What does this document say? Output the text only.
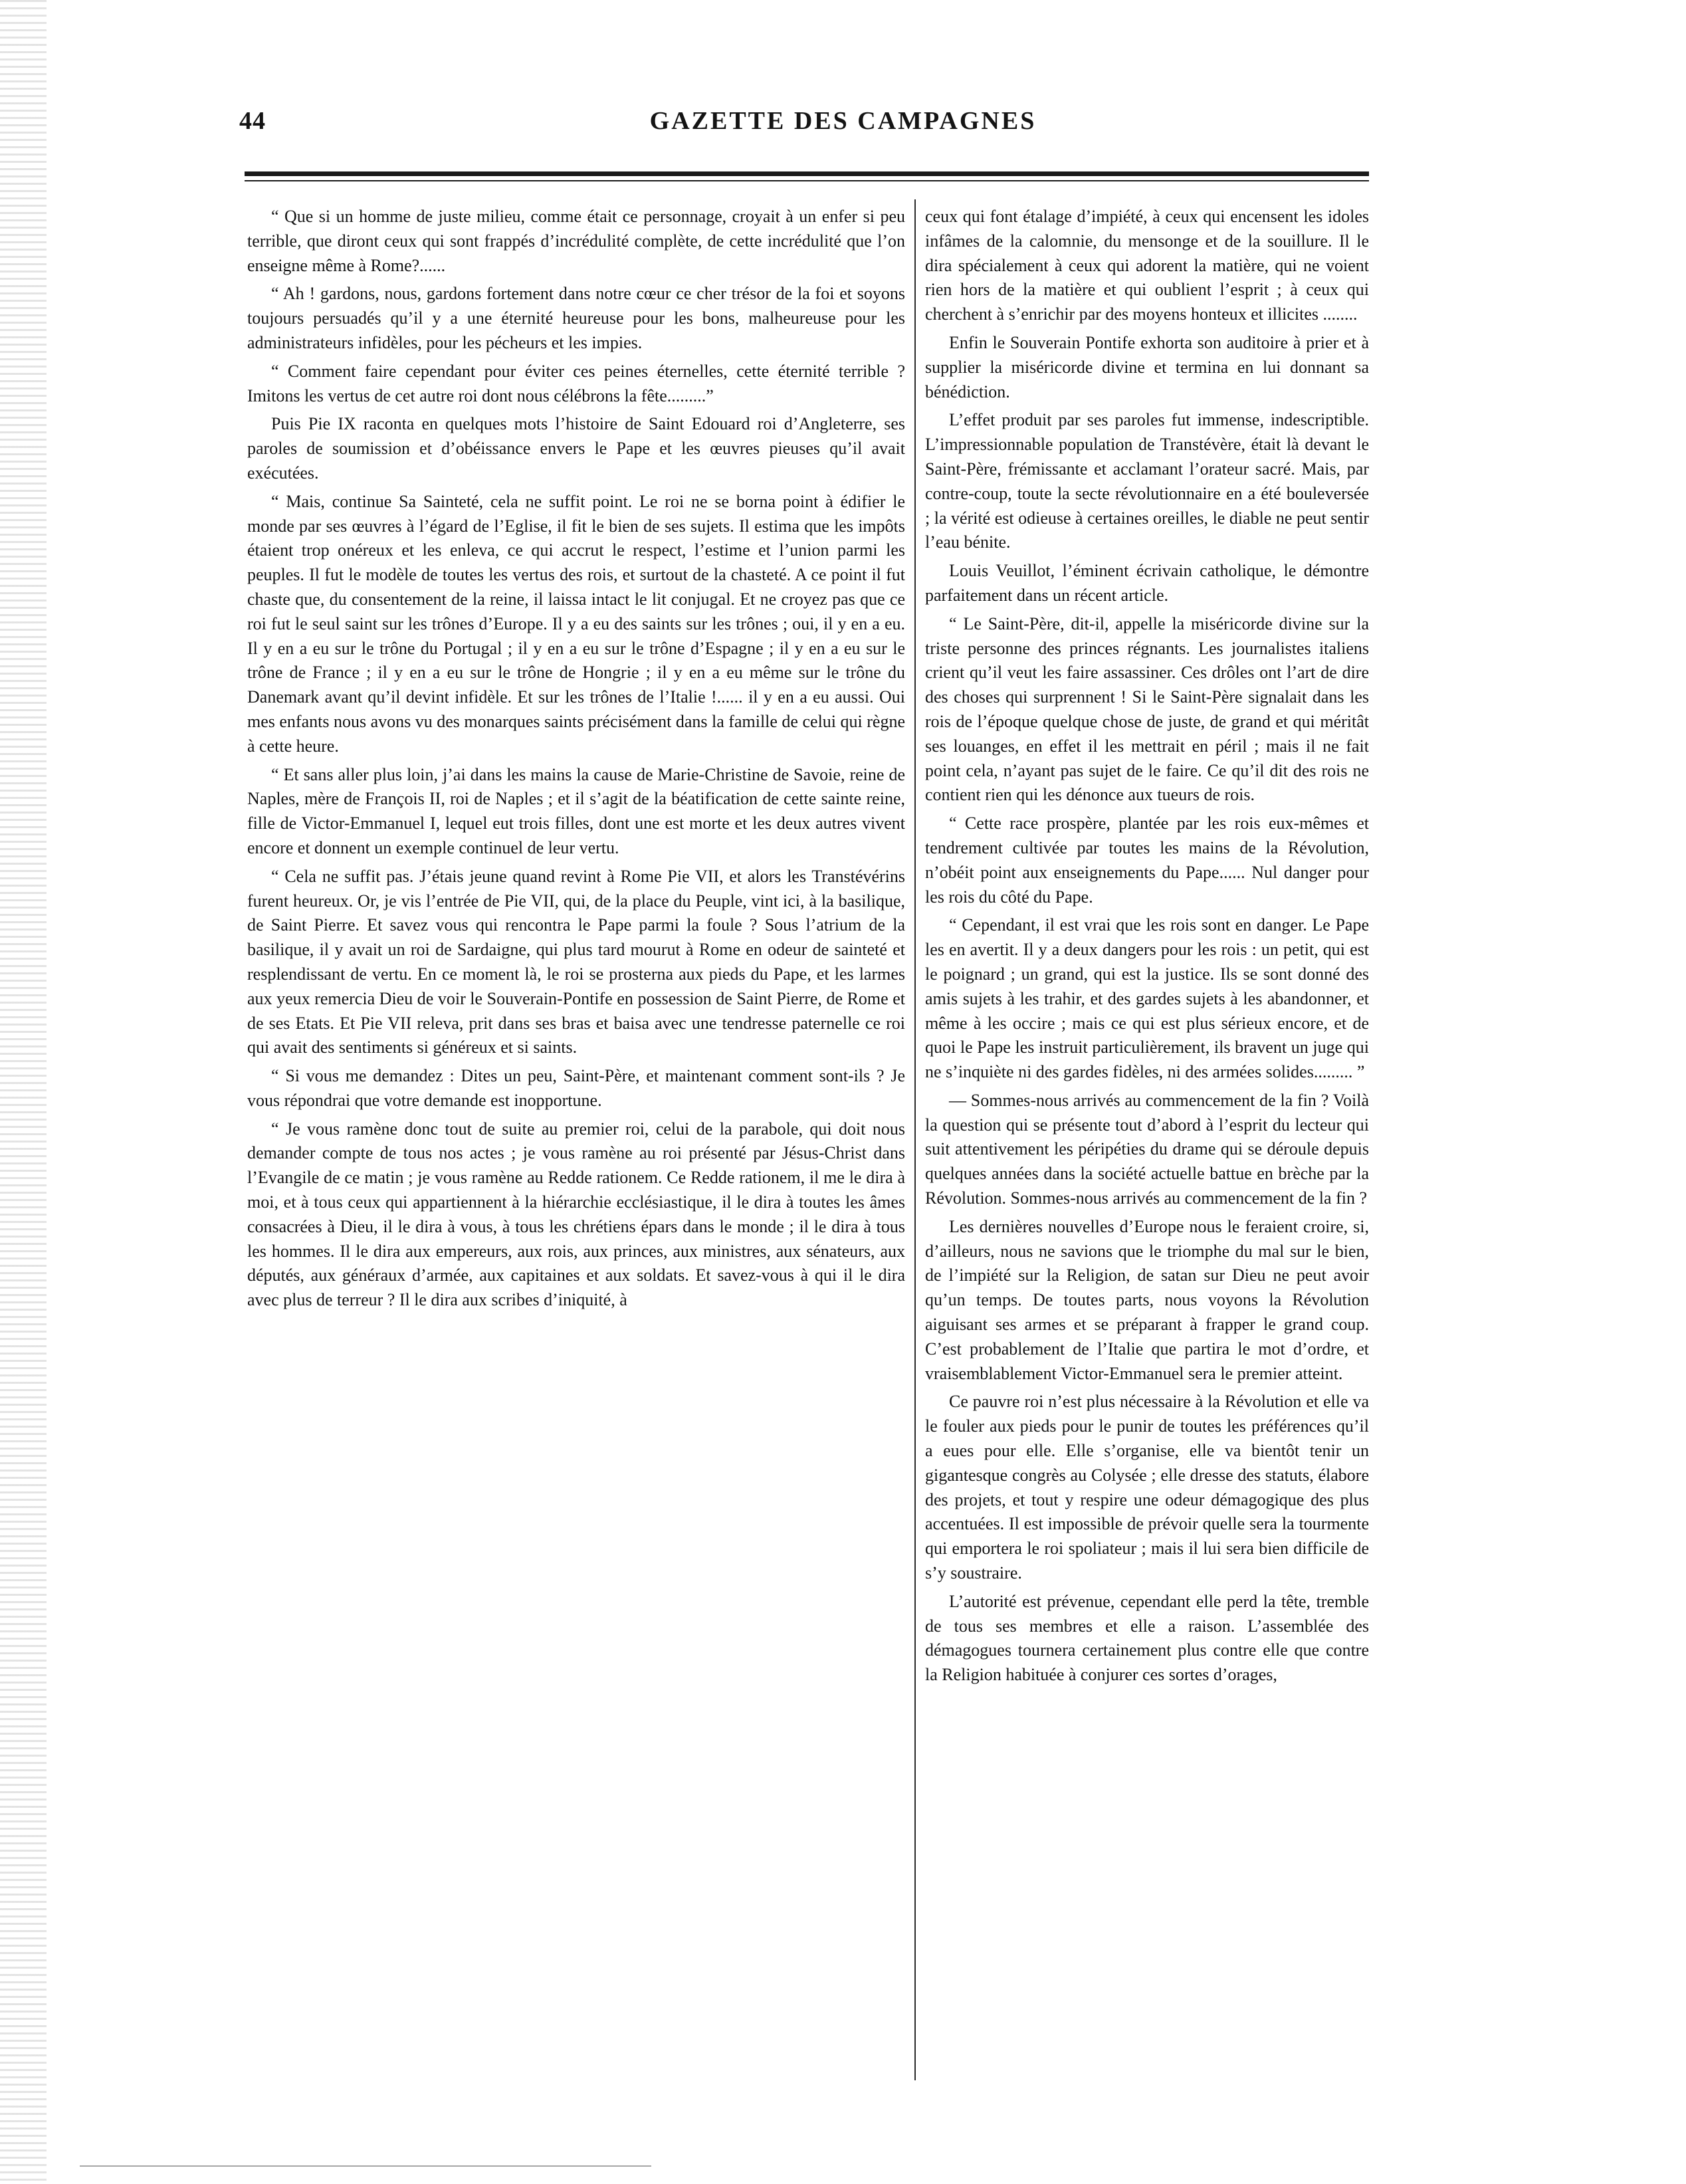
44	GAZETTE DES CAMPAGNES

“ Que si un homme de juste milieu, comme était ce personnage, croyait à un enfer si peu terrible, que diront ceux qui sont frappés d’incrédulité complète, de cette incrédulité que l’on enseigne même à Rome?......

“ Ah ! gardons, nous, gardons fortement dans notre cœur ce cher trésor de la foi et soyons toujours persuadés qu’il y a une éternité heureuse pour les bons, malheureuse pour les administrateurs infidèles, pour les pécheurs et les impies.

“ Comment faire cependant pour éviter ces peines éternelles, cette éternité terrible ? Imitons les vertus de cet autre roi dont nous célébrons la fête.........”

Puis Pie IX raconta en quelques mots l’histoire de Saint Edouard roi d’Angleterre, ses paroles de soumission et d’obéissance envers le Pape et les œuvres pieuses qu’il avait exécutées.

“ Mais, continue Sa Sainteté, cela ne suffit point. Le roi ne se borna point à édifier le monde par ses œuvres à l’égard de l’Eglise, il fit le bien de ses sujets. Il estima que les impôts étaient trop onéreux et les enleva, ce qui accrut le respect, l’estime et l’union parmi les peuples. Il fut le modèle de toutes les vertus des rois, et surtout de la chasteté. A ce point il fut chaste que, du consentement de la reine, il laissa intact le lit conjugal. Et ne croyez pas que ce roi fut le seul saint sur les trônes d’Europe. Il y a eu des saints sur les trônes ; oui, il y en a eu. Il y en a eu sur le trône du Portugal ; il y en a eu sur le trône d’Espagne ; il y en a eu sur le trône de France ; il y en a eu sur le trône de Hongrie ; il y en a eu même sur le trône du Danemark avant qu’il devint infidèle. Et sur les trônes de l’Italie !...... il y en a eu aussi. Oui mes enfants nous avons vu des monarques saints précisément dans la famille de celui qui règne à cette heure.

“ Et sans aller plus loin, j’ai dans les mains la cause de Marie-Christine de Savoie, reine de Naples, mère de François II, roi de Naples ; et il s’agit de la béatification de cette sainte reine, fille de Victor-Emmanuel I, lequel eut trois filles, dont une est morte et les deux autres vivent encore et donnent un exemple continuel de leur vertu.

“ Cela ne suffit pas. J’étais jeune quand revint à Rome Pie VII, et alors les Transtévérins furent heureux. Or, je vis l’entrée de Pie VII, qui, de la place du Peuple, vint ici, à la basilique, de Saint Pierre. Et savez vous qui rencontra le Pape parmi la foule ? Sous l’atrium de la basilique, il y avait un roi de Sardaigne, qui plus tard mourut à Rome en odeur de sainteté et resplendissant de vertu. En ce moment là, le roi se prosterna aux pieds du Pape, et les larmes aux yeux remercia Dieu de voir le Souverain-Pontife en possession de Saint Pierre, de Rome et de ses Etats. Et Pie VII releva, prit dans ses bras et baisa avec une tendresse paternelle ce roi qui avait des sentiments si généreux et si saints.

“ Si vous me demandez : Dites un peu, Saint-Père, et maintenant comment sont-ils ? Je vous répondrai que votre demande est inopportune.

“ Je vous ramène donc tout de suite au premier roi, celui de la parabole, qui doit nous demander compte de tous nos actes ; je vous ramène au roi présenté par Jésus-Christ dans l’Evangile de ce matin ; je vous ramène au Redde rationem. Ce Redde rationem, il me le dira à moi, et à tous ceux qui appartiennent à la hiérarchie ecclésiastique, il le dira à toutes les âmes consacrées à Dieu, il le dira à vous, à tous les chrétiens épars dans le monde ; il le dira à tous les hommes. Il le dira aux empereurs, aux rois, aux princes, aux ministres, aux sénateurs, aux députés, aux généraux d’armée, aux capitaines et aux soldats. Et savez-vous à qui il le dira avec plus de terreur ? Il le dira aux scribes d’iniquité, à

ceux qui font étalage d’impiété, à ceux qui encensent les idoles infâmes de la calomnie, du mensonge et de la souillure. Il le dira spécialement à ceux qui adorent la matière, qui ne voient rien hors de la matière et qui oublient l’esprit ; à ceux qui cherchent à s’enrichir par des moyens honteux et illicites ........

Enfin le Souverain Pontife exhorta son auditoire à prier et à supplier la miséricorde divine et termina en lui donnant sa bénédiction.

L’effet produit par ses paroles fut immense, indescriptible. L’impressionnable population de Transtévère, était là devant le Saint-Père, frémissante et acclamant l’orateur sacré. Mais, par contre-coup, toute la secte révolutionnaire en a été bouleversée ; la vérité est odieuse à certaines oreilles, le diable ne peut sentir l’eau bénite.

Louis Veuillot, l’éminent écrivain catholique, le démontre parfaitement dans un récent article.

“ Le Saint-Père, dit-il, appelle la miséricorde divine sur la triste personne des princes régnants. Les journalistes italiens crient qu’il veut les faire assassiner. Ces drôles ont l’art de dire des choses qui surprennent ! Si le Saint-Père signalait dans les rois de l’époque quelque chose de juste, de grand et qui méritât ses louanges, en effet il les mettrait en péril ; mais il ne fait point cela, n’ayant pas sujet de le faire. Ce qu’il dit des rois ne contient rien qui les dénonce aux tueurs de rois.

“ Cette race prospère, plantée par les rois eux-mêmes et tendrement cultivée par toutes les mains de la Révolution, n’obéit point aux enseignements du Pape...... Nul danger pour les rois du côté du Pape.

“ Cependant, il est vrai que les rois sont en danger. Le Pape les en avertit. Il y a deux dangers pour les rois : un petit, qui est le poignard ; un grand, qui est la justice. Ils se sont donné des amis sujets à les trahir, et des gardes sujets à les abandonner, et même à les occire ; mais ce qui est plus sérieux encore, et de quoi le Pape les instruit particulièrement, ils bravent un juge qui ne s’inquiète ni des gardes fidèles, ni des armées solides......... ”

— Sommes-nous arrivés au commencement de la fin ? Voilà la question qui se présente tout d’abord à l’esprit du lecteur qui suit attentivement les péripéties du drame qui se déroule depuis quelques années dans la société actuelle battue en brèche par la Révolution. Sommes-nous arrivés au commencement de la fin ?

Les dernières nouvelles d’Europe nous le feraient croire, si, d’ailleurs, nous ne savions que le triomphe du mal sur le bien, de l’impiété sur la Religion, de satan sur Dieu ne peut avoir qu’un temps. De toutes parts, nous voyons la Révolution aiguisant ses armes et se préparant à frapper le grand coup. C’est probablement de l’Italie que partira le mot d’ordre, et vraisemblablement Victor-Emmanuel sera le premier atteint.

Ce pauvre roi n’est plus nécessaire à la Révolution et elle va le fouler aux pieds pour le punir de toutes les préférences qu’il a eues pour elle. Elle s’organise, elle va bientôt tenir un gigantesque congrès au Colysée ; elle dresse des statuts, élabore des projets, et tout y respire une odeur démagogique des plus accentuées. Il est impossible de prévoir quelle sera la tourmente qui emportera le roi spoliateur ; mais il lui sera bien difficile de s’y soustraire.

L’autorité est prévenue, cependant elle perd la tête, tremble de tous ses membres et elle a raison. L’assemblée des démagogues tournera certainement plus contre elle que contre la Religion habituée à conjurer ces sortes d’orages,
